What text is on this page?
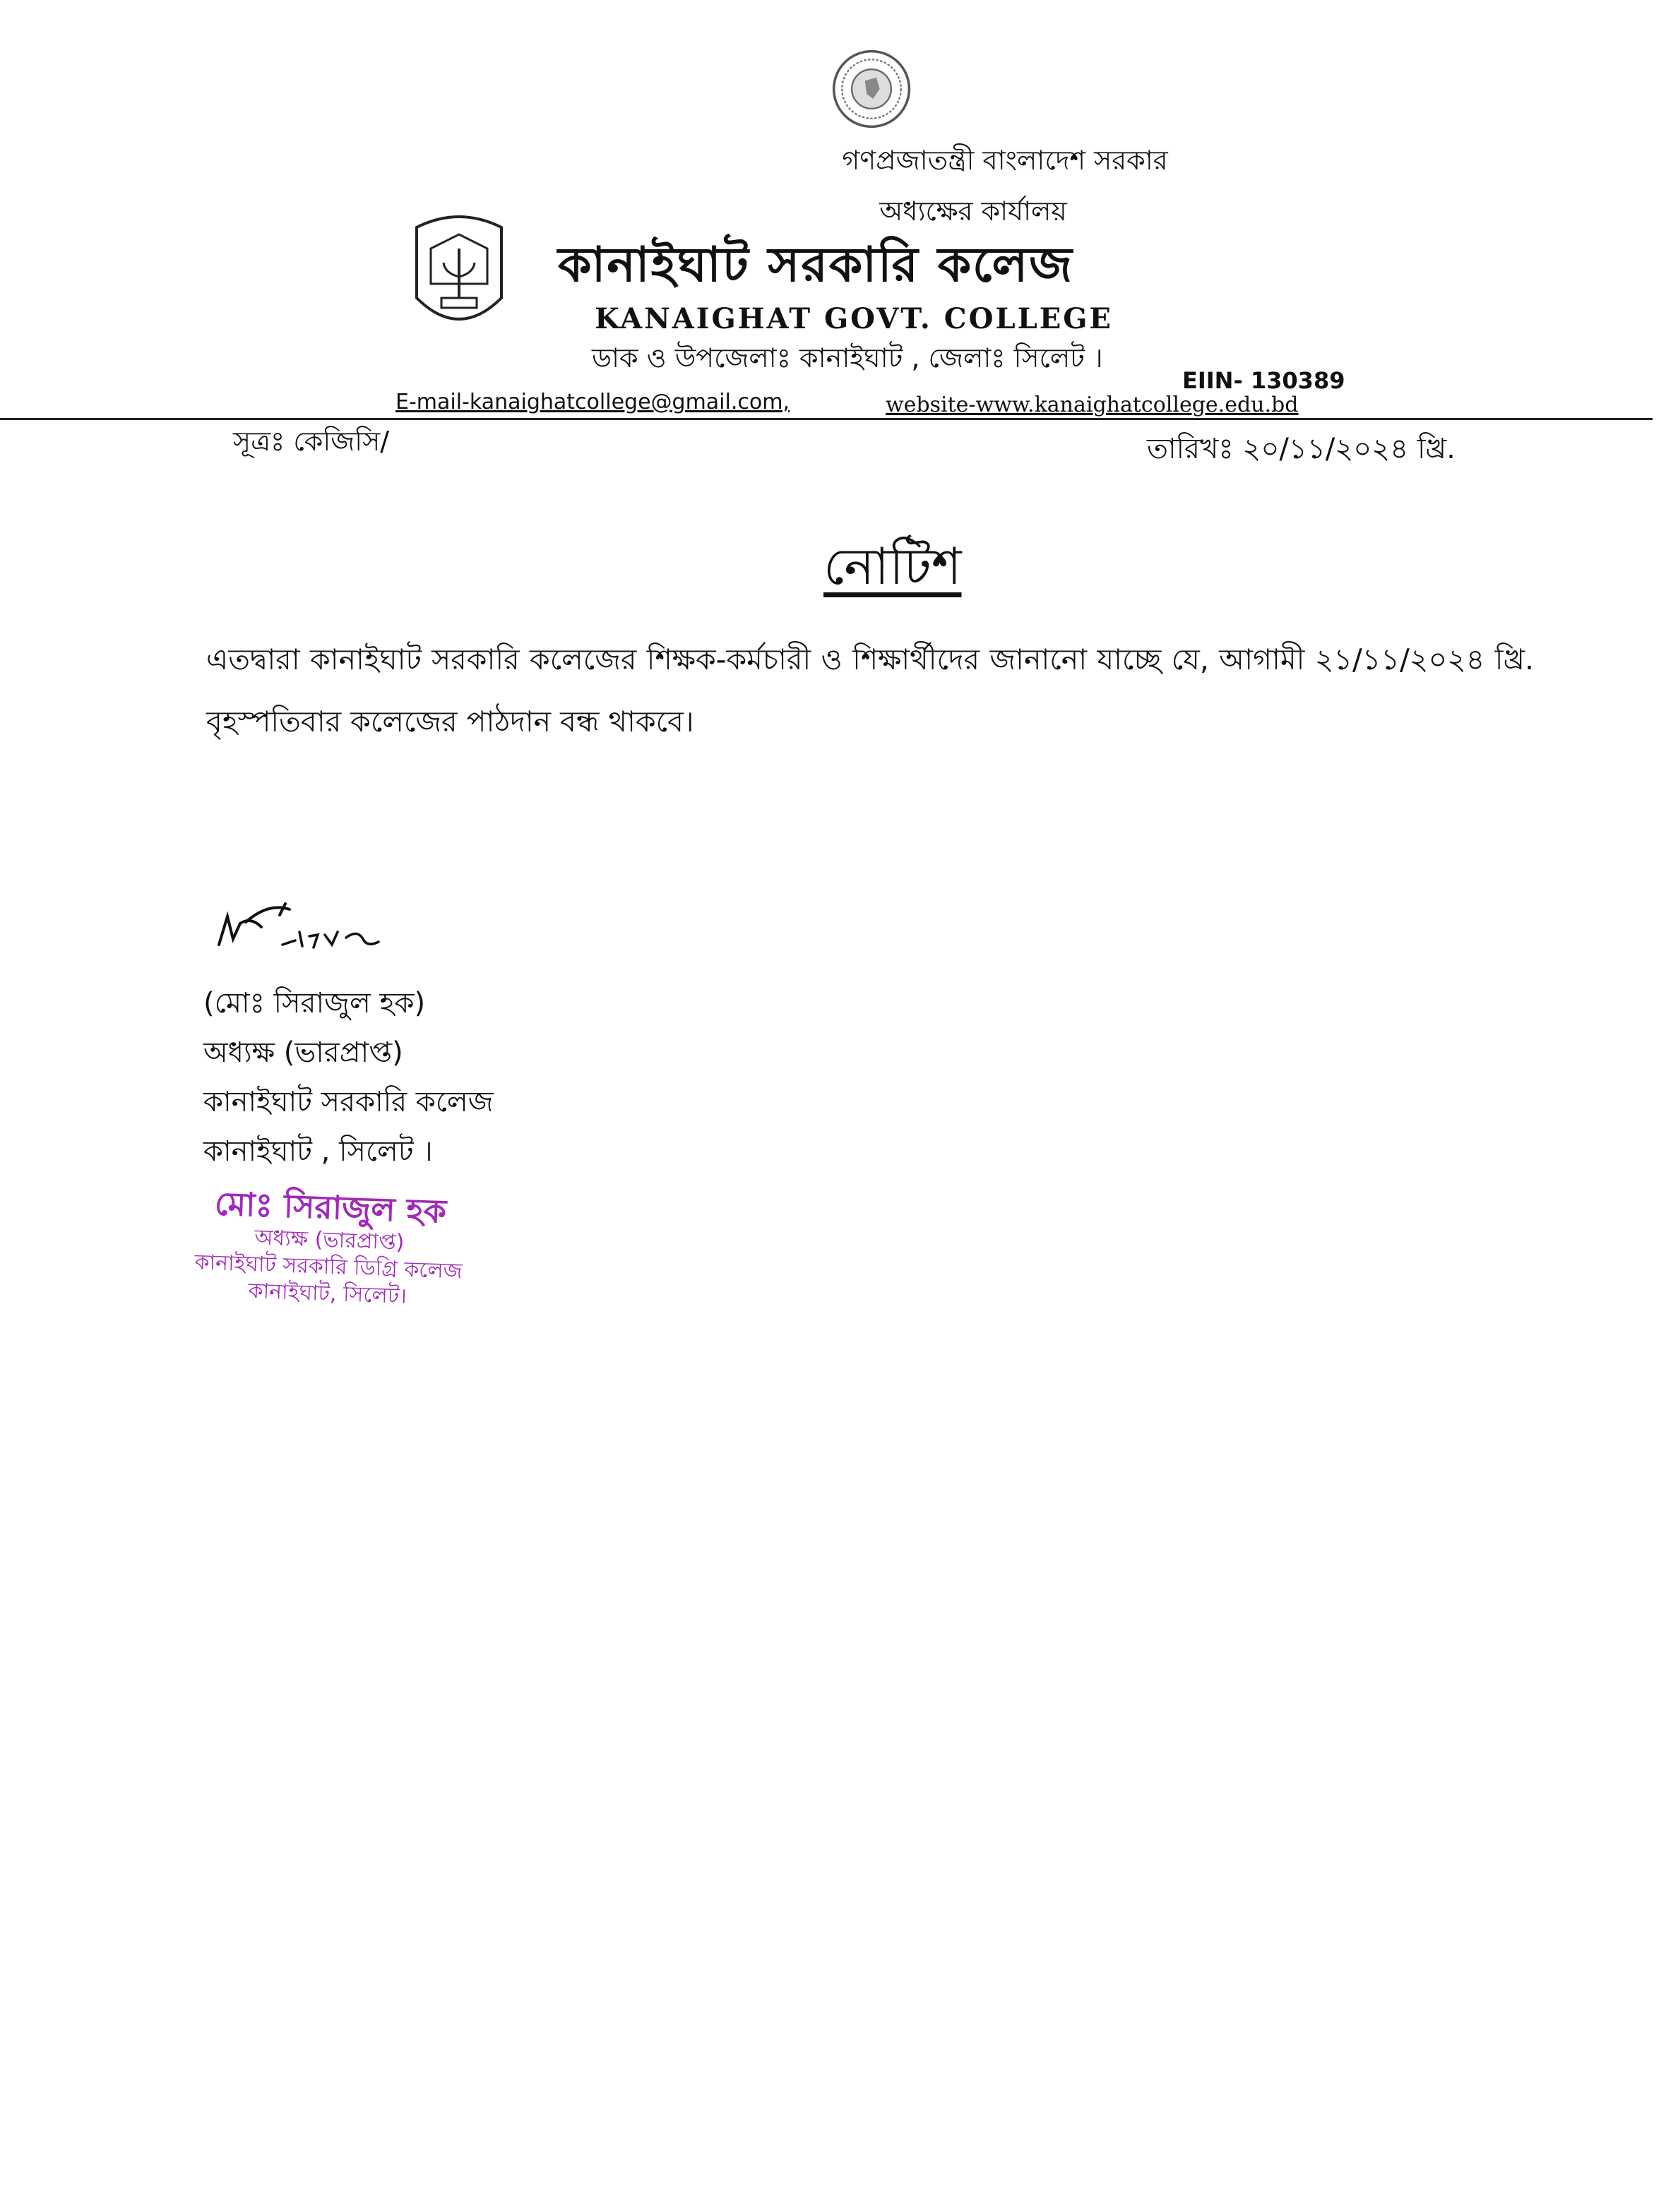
গণপ্রজাতন্ত্রী বাংলাদেশ সরকার
অধ্যক্ষের কার্যালয়
কানাইঘাট সরকারি কলেজ
KANAIGHAT GOVT. COLLEGE
ডাক ও উপজেলাঃ কানাইঘাট , জেলাঃ সিলেট ।
EIIN- 130389
E-mail-kanaighatcollege@gmail.com,	website-www.kanaighatcollege.edu.bd
সূত্রঃ কেজিসি/	তারিখঃ ২০/১১/২০২৪ খ্রি.
নোটিশ
এতদ্বারা কানাইঘাট সরকারি কলেজের শিক্ষক-কর্মচারী ও শিক্ষার্থীদের জানানো যাচ্ছে যে, আগামী ২১/১১/২০২৪ খ্রি. বৃহস্পতিবার কলেজের পাঠদান বন্ধ থাকবে।
(মোঃ সিরাজুল হক)
অধ্যক্ষ (ভারপ্রাপ্ত)
কানাইঘাট সরকারি কলেজ
কানাইঘাট , সিলেট ।
মোঃ সিরাজুল হক
অধ্যক্ষ (ভারপ্রাপ্ত)
কানাইঘাট সরকারি ডিগ্রি কলেজ
কানাইঘাট, সিলেট।
